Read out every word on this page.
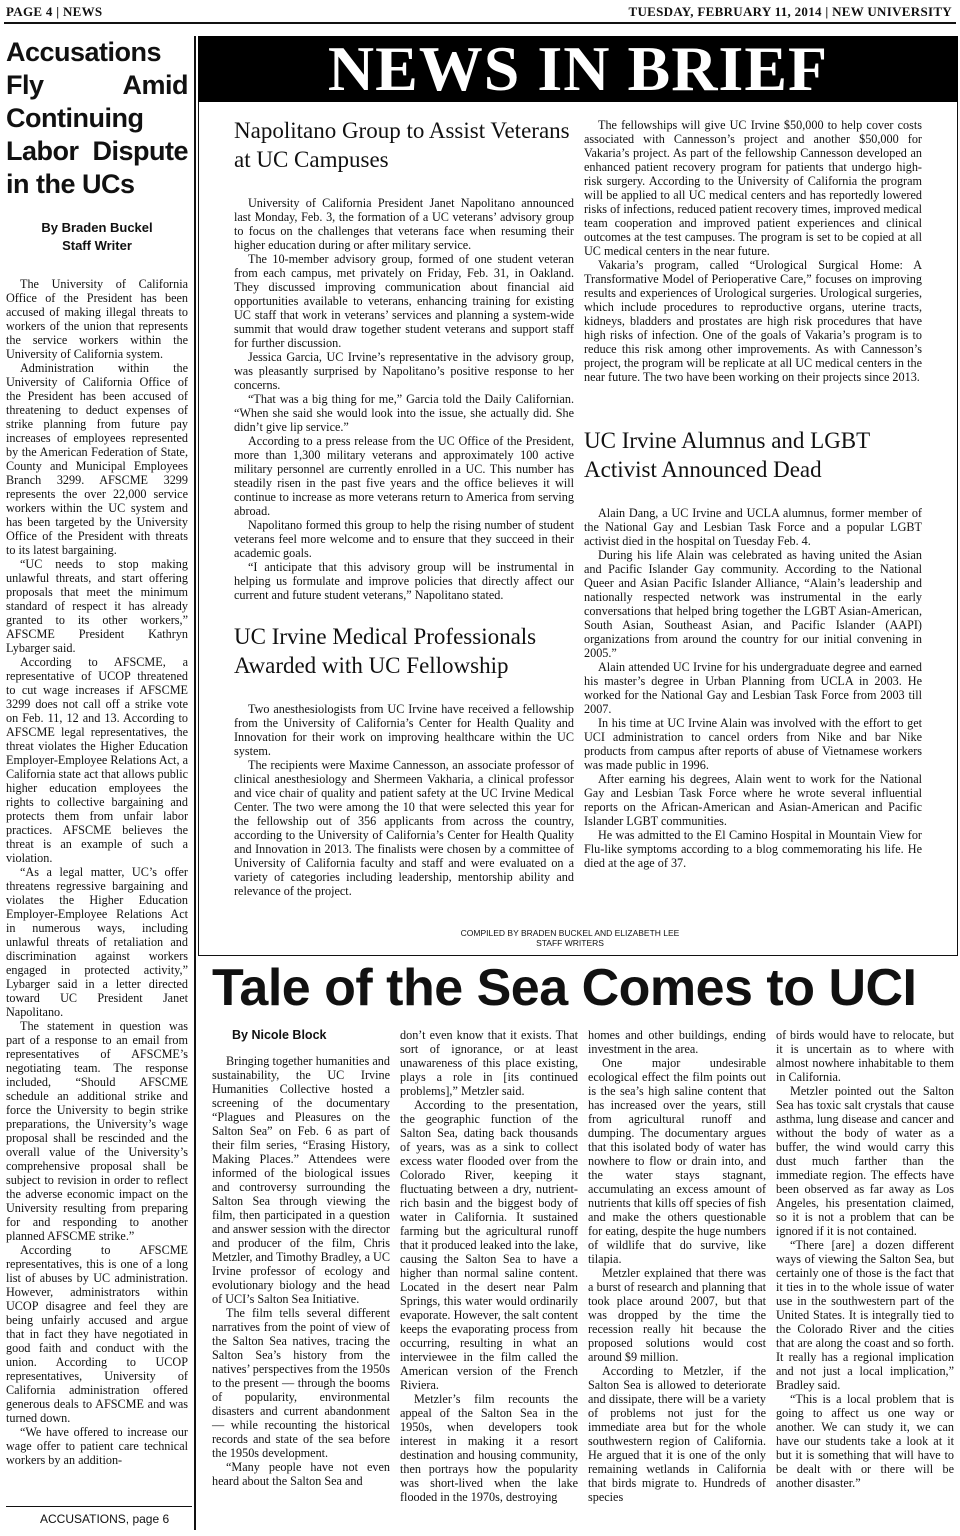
PAGE 4 | NEWS	TUESDAY, FEBRUARY 11, 2014 | NEW UNIVERSITY
Accusations Fly Amid Continuing Labor Dispute in the UCs
By Braden Buckel
Staff Writer

The University of California Office of the President has been accused of making illegal threats to workers of the union that represents the service workers within the University of California system.

Administration within the University of California Office of the President has been accused of threatening to deduct expenses of strike planning from future pay increases of employees represented by the American Federation of State, County and Municipal Employees Branch 3299. AFSCME 3299 represents the over 22,000 service workers within the UC system and has been targeted by the University Office of the President with threats to its latest bargaining.

“UC needs to stop making unlawful threats, and start offering proposals that meet the minimum standard of respect it has already granted to its other workers,” AFSCME President Kathryn Lybarger said.

According to AFSCME, a representative of UCOP threatened to cut wage increases if AFSCME 3299 does not call off a strike vote on Feb. 11, 12 and 13. According to AFSCME legal representatives, the threat violates the Higher Education Employer-Employee Relations Act, a California state act that allows public higher education employees the rights to collective bargaining and protects them from unfair labor practices. AFSCME believes the threat is an example of such a violation.

“As a legal matter, UC’s offer threatens regressive bargaining and violates the Higher Education Employer-Employee Relations Act in numerous ways, including unlawful threats of retaliation and discrimination against workers engaged in protected activity,” Lybarger said in a letter directed toward UC President Janet Napolitano.

The statement in question was part of a response to an email from representatives of AFSCME’s negotiating team. The response included, “Should AFSCME schedule an additional strike and force the University to begin strike preparations, the University’s wage proposal shall be rescinded and the overall value of the University’s comprehensive proposal shall be subject to revision in order to reflect the adverse economic impact on the University resulting from preparing for and responding to another planned AFSCME strike.”

According to AFSCME representatives, this is one of a long list of abuses by UC administration. However, administrators within UCOP disagree and feel they are being unfairly accused and argue that in fact they have negotiated in good faith and conduct with the union. According to UCOP representatives, University of California administration offered generous deals to AFSCME and was turned down.

“We have offered to increase our wage offer to patient care technical workers by an addition-

ACCUSATIONS, page 6
NEWS IN BRIEF
Napolitano Group to Assist Veterans at UC Campuses

University of California President Janet Napolitano announced last Monday, Feb. 3, the formation of a UC veterans’ advisory group to focus on the challenges that veterans face when resuming their higher education during or after military service.

The 10-member advisory group, formed of one student veteran from each campus, met privately on Friday, Feb. 31, in Oakland. They discussed improving communication about financial aid opportunities available to veterans, enhancing training for existing UC staff that work in veterans’ services and planning a system-wide summit that would draw together student veterans and support staff for further discussion.

Jessica Garcia, UC Irvine’s representative in the advisory group, was pleasantly surprised by Napolitano’s positive response to her concerns.

“That was a big thing for me,” Garcia told the Daily Californian. “When she said she would look into the issue, she actually did. She didn’t give lip service.”

According to a press release from the UC Office of the President, more than 1,300 military veterans and approximately 100 active military personnel are currently enrolled in a UC. This number has steadily risen in the past five years and the office believes it will continue to increase as more veterans return to America from serving abroad.

Napolitano formed this group to help the rising number of student veterans feel more welcome and to ensure that they succeed in their academic goals.

“I anticipate that this advisory group will be instrumental in helping us formulate and improve policies that directly affect our current and future student veterans,” Napolitano stated.

UC Irvine Medical Professionals Awarded with UC Fellowship

Two anesthesiologists from UC Irvine have received a fellowship from the University of California’s Center for Health Quality and Innovation for their work on improving healthcare within the UC system.

The recipients were Maxime Cannesson, an associate professor of clinical anesthesiology and Shermeen Vakharia, a clinical professor and vice chair of quality and patient safety at the UC Irvine Medical Center. The two were among the 10 that were selected this year for the fellowship out of 356 applicants from across the country, according to the University of California’s Center for Health Quality and Innovation in 2013. The finalists were chosen by a committee of University of California faculty and staff and were evaluated on a variety of categories including leadership, mentorship ability and relevance of the project.

The fellowships will give UC Irvine $50,000 to help cover costs associated with Cannesson’s project and another $50,000 for Vakaria’s project. As part of the fellowship Cannesson developed an enhanced patient recovery program for patients that undergo high-risk surgery. According to the University of California the program will be applied to all UC medical centers and has reportedly lowered risks of infections, reduced patient recovery times, improved medical team cooperation and improved patient experiences and clinical outcomes at the test campuses. The program is set to be copied at all UC medical centers in the near future.

Vakaria’s program, called “Urological Surgical Home: A Transformative Model of Perioperative Care,” focuses on improving results and experiences of Urological surgeries. Urological surgeries, which include procedures to reproductive organs, uterine tracts, kidneys, bladders and prostates are high risk procedures that have high risks of infection. One of the goals of Vakaria’s program is to reduce this risk among other improvements. As with Cannesson’s project, the program will be replicate at all UC medical centers in the near future. The two have been working on their projects since 2013.

UC Irvine Alumnus and LGBT Activist Announced Dead

Alain Dang, a UC Irvine and UCLA alumnus, former member of the National Gay and Lesbian Task Force and a popular LGBT activist died in the hospital on Tuesday Feb. 4.

During his life Alain was celebrated as having united the Asian and Pacific Islander Gay community. According to the National Queer and Asian Pacific Islander Alliance, “Alain’s leadership and nationally respected network was instrumental in the early conversations that helped bring together the LGBT Asian-American, South Asian, Southeast Asian, and Pacific Islander (AAPI) organizations from around the country for our initial convening in 2005.”

Alain attended UC Irvine for his undergraduate degree and earned his master’s degree in Urban Planning from UCLA in 2003. He worked for the National Gay and Lesbian Task Force from 2003 till 2007.

In his time at UC Irvine Alain was involved with the effort to get UCI administration to cancel orders from Nike and bar Nike products from campus after reports of abuse of Vietnamese workers was made public in 1996.

After earning his degrees, Alain went to work for the National Gay and Lesbian Task Force where he wrote several influential reports on the African-American and Asian-American and Pacific Islander LGBT communities.

He was admitted to the El Camino Hospital in Mountain View for Flu-like symptoms according to a blog commemorating his life. He died at the age of 37.

COMPILED BY BRADEN BUCKEL AND ELIZABETH LEE
STAFF WRITERS
Tale of the Sea Comes to UCI
By Nicole Block

Bringing together humanities and sustainability, the UC Irvine Humanities Collective hosted a screening of the documentary “Plagues and Pleasures on the Salton Sea” on Feb. 6 as part of their film series, “Erasing History, Making Places.” Attendees were informed of the biological issues and controversy surrounding the Salton Sea through viewing the film, then participated in a question and answer session with the director and producer of the film, Chris Metzler, and Timothy Bradley, a UC Irvine professor of ecology and evolutionary biology and the head of UCI’s Salton Sea Initiative.

The film tells several different narratives from the point of view of the Salton Sea natives, tracing the Salton Sea’s history from the natives’ perspectives from the 1950s to the present — through the booms of popularity, environmental disasters and current abandonment — while recounting the historical records and state of the sea before the 1950s development.

“Many people have not even heard about the Salton Sea and

don’t even know that it exists. That sort of ignorance, or at least unawareness of this place existing, plays a role in [its continued problems],” Metzler said.

According to the presentation, the geographic function of the Salton Sea, dating back thousands of years, was as a sink to collect excess water flooded over from the Colorado River, keeping it fluctuating between a dry, nutrient-rich basin and the biggest body of water in California. It sustained farming but the agricultural runoff that it produced leaked into the lake, causing the Salton Sea to have a higher than normal saline content. Located in the desert near Palm Springs, this water would ordinarily evaporate. However, the salt content keeps the evaporating process from occurring, resulting in what an interviewee in the film called the American version of the French Riviera.

Metzler’s film recounts the appeal of the Salton Sea in the 1950s, when developers took interest in making it a resort destination and housing community, then portrays how the popularity was short-lived when the lake flooded in the 1970s, destroying

homes and other buildings, ending investment in the area.

One major undesirable ecological effect the film points out is the sea’s high saline content that has increased over the years, still from agricultural runoff and dumping. The documentary argues that this isolated body of water has nowhere to flow or drain into, and the water stays stagnant, accumulating an excess amount of nutrients that kills off species of fish and make the others questionable for eating, despite the huge numbers of wildlife that do survive, like tilapia.

Metzler explained that there was a burst of research and planning that took place around 2007, but that was dropped by the time the recession really hit because the proposed solutions would cost around $9 million.

According to Metzler, if the Salton Sea is allowed to deteriorate and dissipate, there will be a variety of problems not just for the immediate area but for the whole southwestern region of California. He argued that it is one of the only remaining wetlands in California that birds migrate to. Hundreds of species

of birds would have to relocate, but it is uncertain as to where with almost nowhere inhabitable to them in California.

Metzler pointed out the Salton Sea has toxic salt crystals that cause asthma, lung disease and cancer and without the body of water as a buffer, the wind would carry this dust much farther than the immediate region. The effects have been observed as far away as Los Angeles, his presentation claimed, so it is not a problem that can be ignored if it is not contained.

“There [are] a dozen different ways of viewing the Salton Sea, but certainly one of those is the fact that it ties in to the whole issue of water use in the southwestern part of the United States. It is integrally tied to the Colorado River and the cities that are along the coast and so forth. It really has a regional implication and not just a local implication,” Bradley said.

“This is a local problem that is going to affect us one way or another. We can study it, we can have our students take a look at it but it is something that will have to be dealt with or there will be another disaster.”
